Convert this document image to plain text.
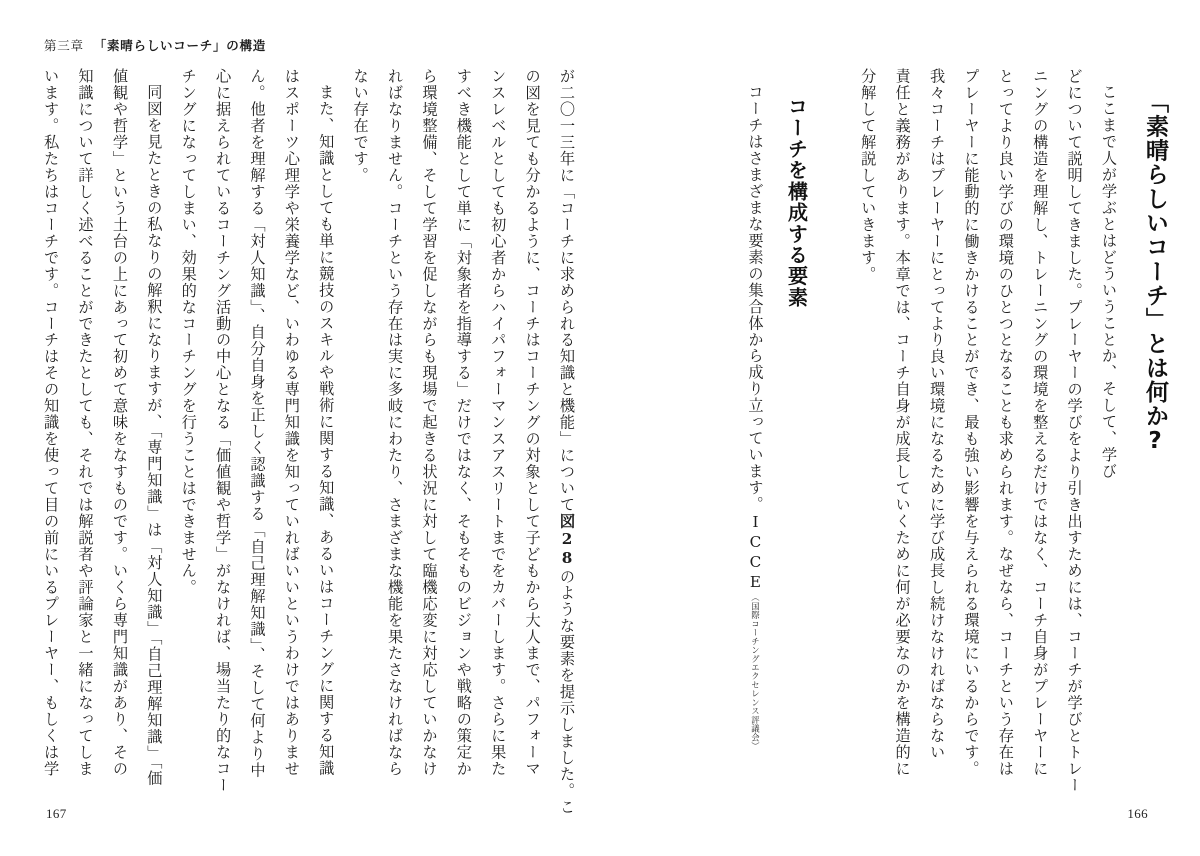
第三章 「素晴らしいコーチ」の構造
「素晴らしいコーチ」とは何か?
ここまで人が学ぶとはどういうことか、そして、学び
どについて説明してきました。プレーヤーの学びをより引き出すためには、コーチが学びとトレー
ニングの構造を理解し、トレーニングの環境を整えるだけではなく、コーチ自身がプレーヤーに
とってより良い学びの環境のひとつとなることも求められます。なぜなら、コーチという存在は
プレーヤーに能動的に働きかけることができ、最も強い影響を与えられる環境にいるからです。
我々コーチはプレーヤーにとってより良い環境になるために学び成長し続けなければならない
責任と義務があります。本章では、コーチ自身が成長していくために何が必要なのかを構造的に
分解して解説していきます。
コーチを構成する要素
コーチはさまざまな要素の集合体から成り立っています。ICCE（国際コーチングエクセレンス評議会）
が二〇一三年に「コーチに求められる知識と機能」について図28のような要素を提示しました。こ
の図を見ても分かるように、コーチはコーチングの対象として子どもから大人まで、パフォーマ
ンスレベルとしても初心者からハイパフォーマンスアスリートまでをカバーします。さらに果た
すべき機能として単に「対象者を指導する」だけではなく、そもそものビジョンや戦略の策定か
ら環境整備、そして学習を促しながらも現場で起きる状況に対して臨機応変に対応していかなけ
ればなりません。コーチという存在は実に多岐にわたり、さまざまな機能を果たさなければなら
ない存在です。
また、知識としても単に競技のスキルや戦術に関する知識、あるいはコーチングに関する知識
はスポーツ心理学や栄養学など、いわゆる専門知識を知っていればいいというわけではありませ
ん。他者を理解する「対人知識」、自分自身を正しく認識する「自己理解知識」、そして何より中
心に据えられているコーチング活動の中心となる「価値観や哲学」がなければ、場当たり的なコー
チングになってしまい、効果的なコーチングを行うことはできません。
同図を見たときの私なりの解釈になりますが、「専門知識」は「対人知識」「自己理解知識」「価
値観や哲学」という土台の上にあって初めて意味をなすものです。いくら専門知識があり、その
知識について詳しく述べることができたとしても、それでは解説者や評論家と一緒になってしま
います。私たちはコーチです。コーチはその知識を使って目の前にいるプレーヤー、もしくは学
167	166
